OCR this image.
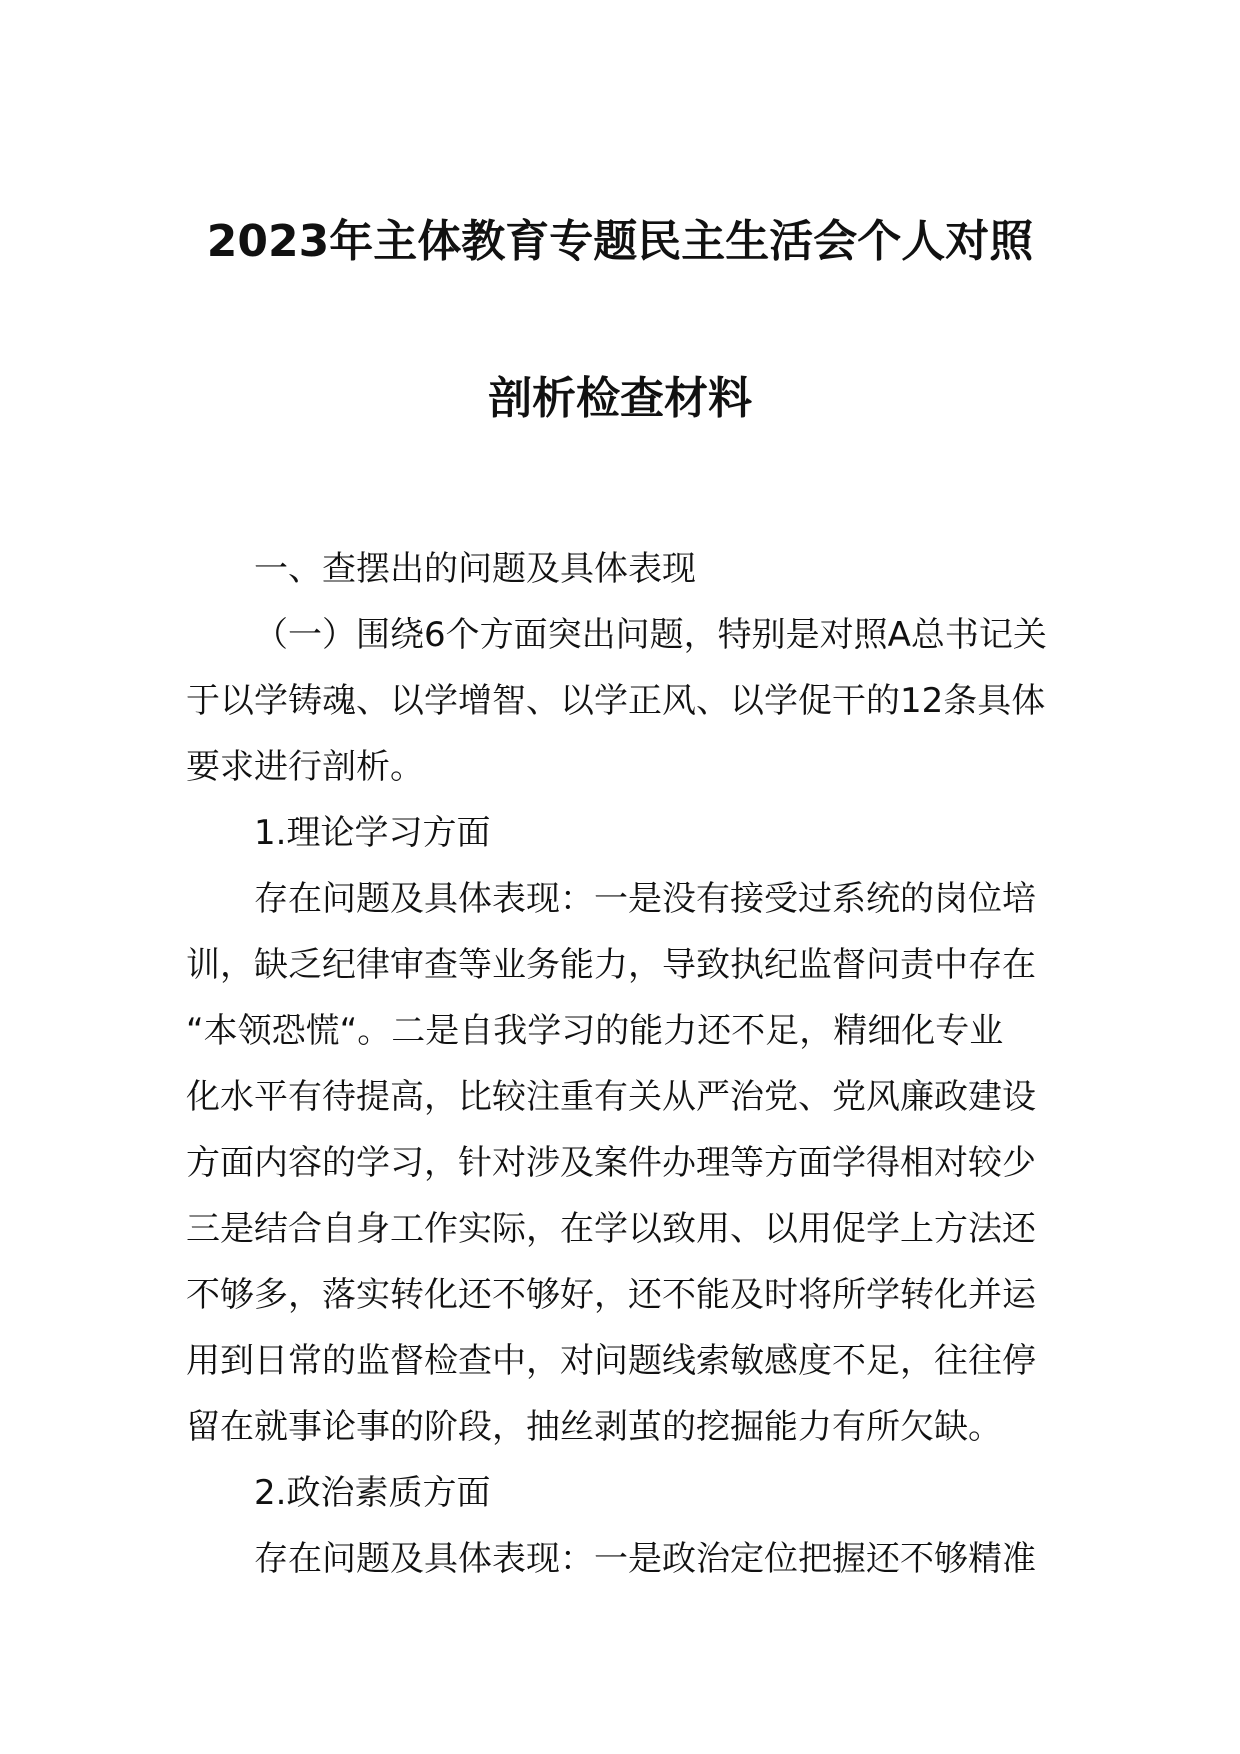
2023年主体教育专题民主生活会个人对照
剖析检查材料
一、查摆出的问题及具体表现
（一）围绕6个方面突出问题，特别是对照A总书记关
于以学铸魂、以学增智、以学正风、以学促干的12条具体
要求进行剖析。
1.理论学习方面
存在问题及具体表现：一是没有接受过系统的岗位培
训，缺乏纪律审查等业务能力，导致执纪监督问责中存在
“本领恐慌“。二是自我学习的能力还不足，精细化专业
化水平有待提高，比较注重有关从严治党、党风廉政建设
方面内容的学习，针对涉及案件办理等方面学得相对较少
三是结合自身工作实际，在学以致用、以用促学上方法还
不够多，落实转化还不够好，还不能及时将所学转化并运
用到日常的监督检查中，对问题线索敏感度不足，往往停
留在就事论事的阶段，抽丝剥茧的挖掘能力有所欠缺。
2.政治素质方面
存在问题及具体表现：一是政治定位把握还不够精准
